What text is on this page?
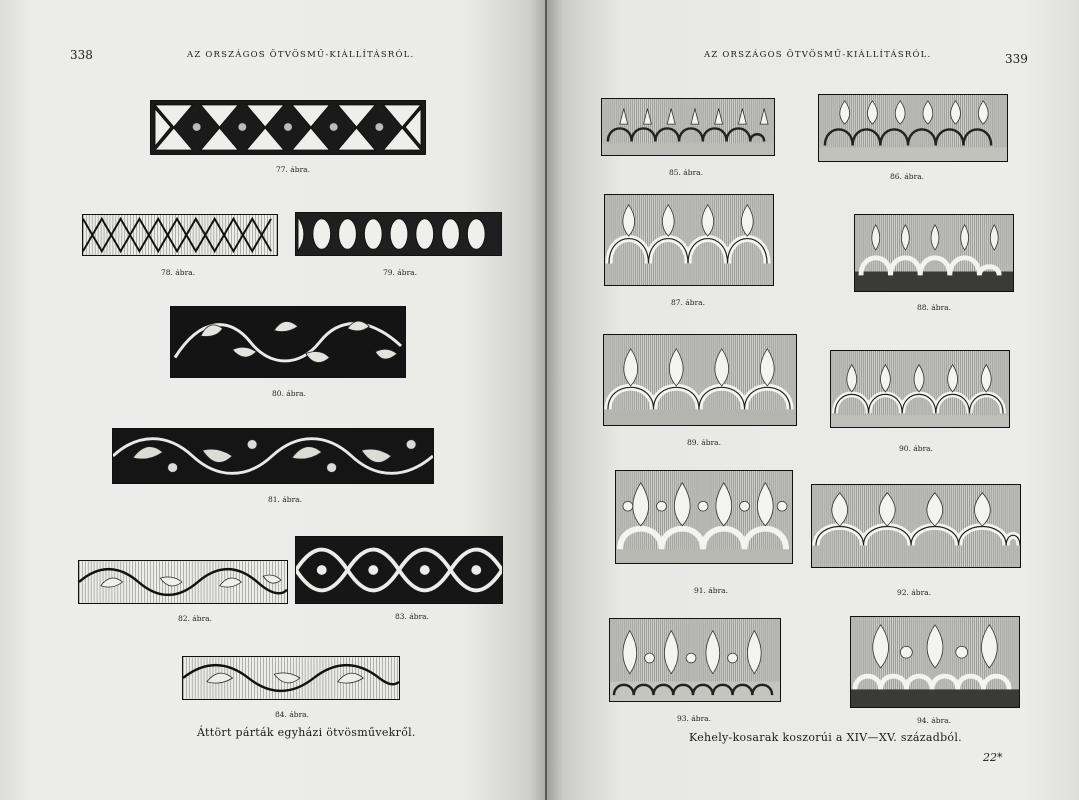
338	AZ ORSZÁGOS ÖTVÖSMŰ-KIÁLLÍTÁSRÓL.
77. ábra.
78. ábra.	79. ábra.
80. ábra.
81. ábra.
82. ábra.	83. ábra.
84. ábra.
Áttört párták egyházi ötvösművekről.
AZ ORSZÁGOS ÖTVÖSMŰ-KIÁLLÍTÁSRÓL.	339
85. ábra.	86. ábra.
87. ábra.
88. ábra.
89. ábra.
90. ábra.
91. ábra.	92. ábra.
93. ábra.	94. ábra.
Kehely-kosarak koszorúi a XIV—XV. századból.
22*
